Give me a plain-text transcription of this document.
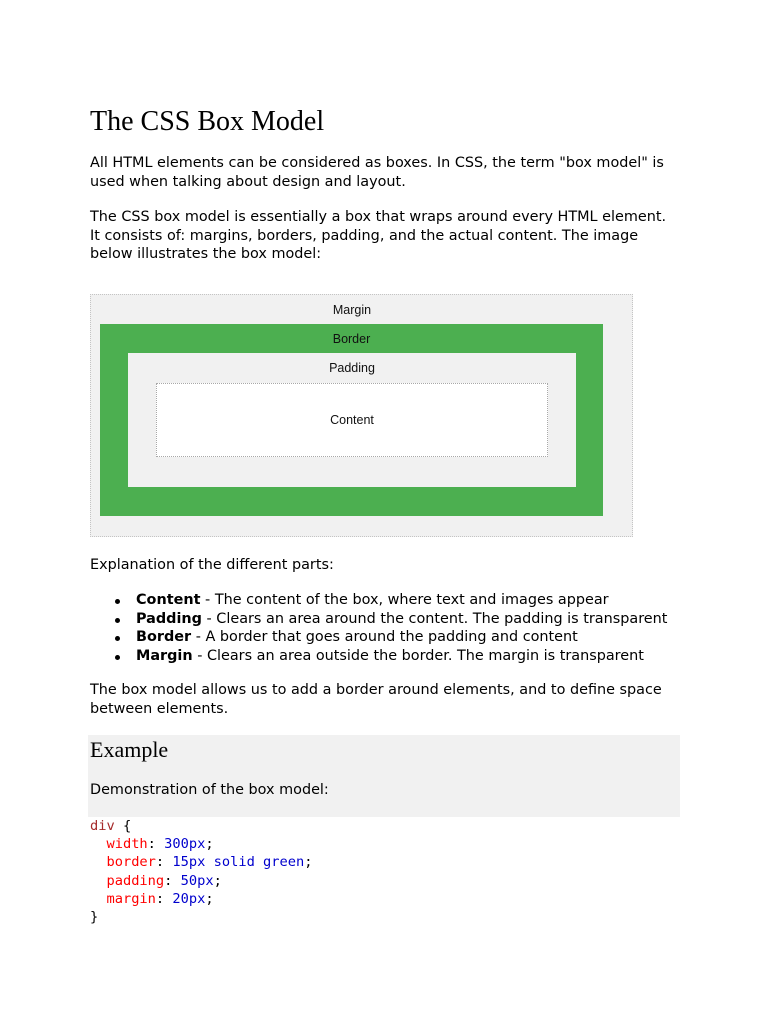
The CSS Box Model
All HTML elements can be considered as boxes. In CSS, the term "box model" is
used when talking about design and layout.
The CSS box model is essentially a box that wraps around every HTML element.
It consists of: margins, borders, padding, and the actual content. The image
below illustrates the box model:
Margin
Border
Padding
Content
Explanation of the different parts:
Content - The content of the box, where text and images appear
Padding - Clears an area around the content. The padding is transparent
Border - A border that goes around the padding and content
Margin - Clears an area outside the border. The margin is transparent
The box model allows us to add a border around elements, and to define space
between elements.
Example
Demonstration of the box model:
div {
width: 300px;
border: 15px solid green;
padding: 50px;
margin: 20px;
}
